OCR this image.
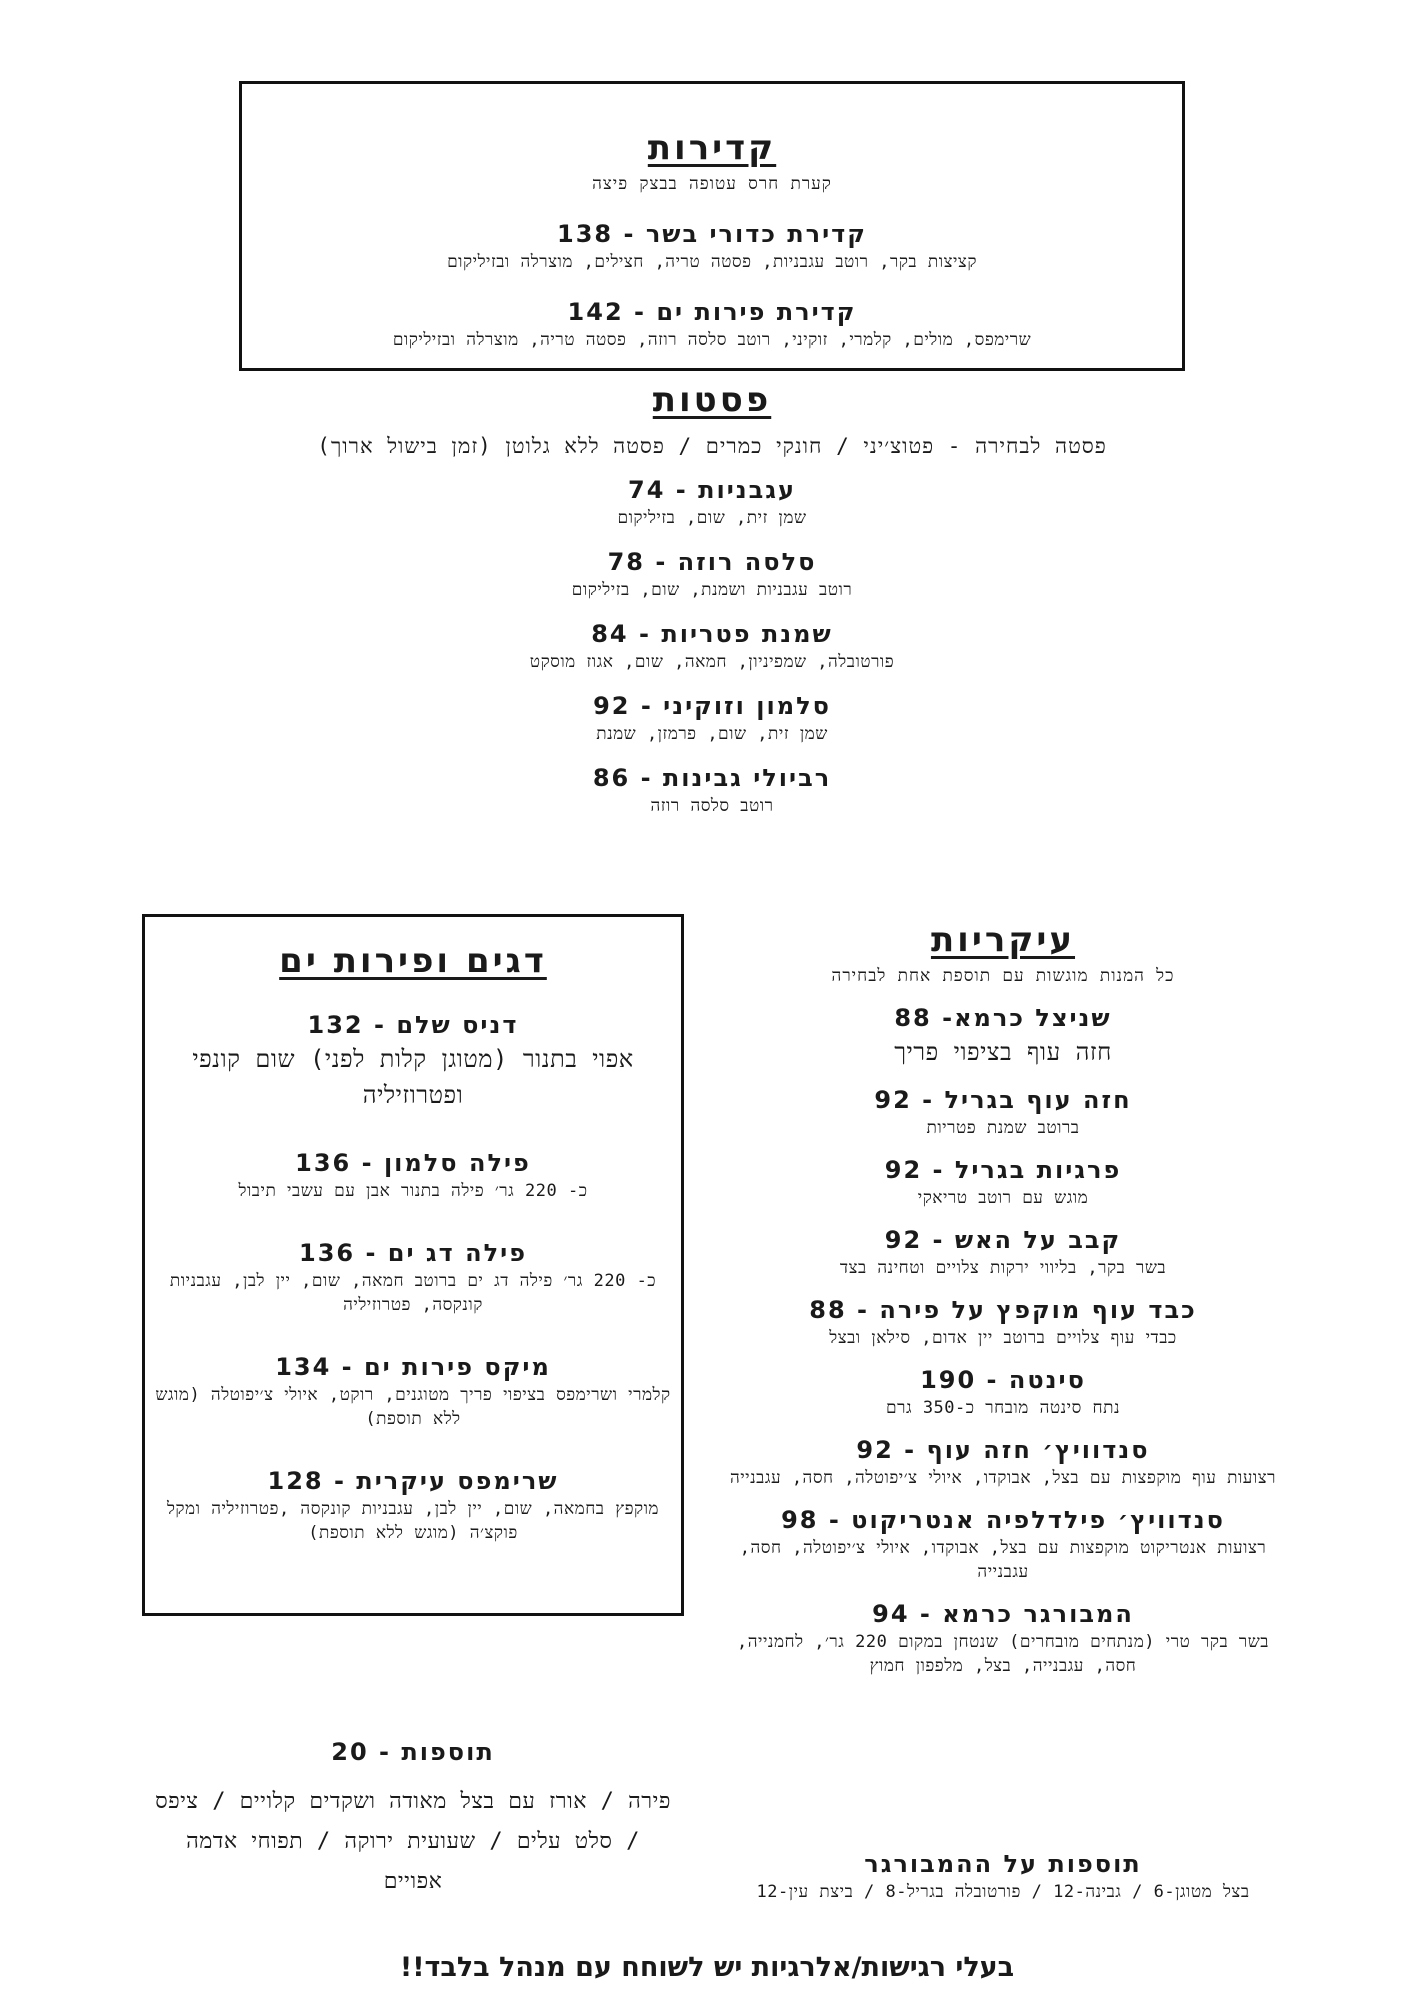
קדירות
קערת חרס עטופה בבצק פיצה
קדירת כדורי בשר - 138
קציצות בקר, רוטב עגבניות, פסטה טריה, חצילים, מוצרלה ובזיליקום
קדירת פירות ים - 142
שרימפס, מולים, קלמרי, זוקיני, רוטב סלסה רוזה, פסטה טריה, מוצרלה ובזיליקום
פסטות
פסטה לבחירה - פטוצ׳יני / חונקי כמרים / פסטה ללא גלוטן (זמן בישול ארוך)
עגבניות - 74
שמן זית, שום, בזיליקום
סלסה רוזה - 78
רוטב עגבניות ושמנת, שום, בזיליקום
שמנת פטריות - 84
פורטובלה, שמפיניון, חמאה, שום, אגוז מוסקט
סלמון וזוקיני - 92
שמן זית, שום, פרמזן, שמנת
רביולי גבינות - 86
רוטב סלסה רוזה
עיקריות
כל המנות מוגשות עם תוספת אחת לבחירה
שניצל כרמא- 88
חזה עוף בציפוי פריך
חזה עוף בגריל - 92
ברוטב שמנת פטריות
פרגיות בגריל - 92
מוגש עם רוטב טריאקי
קבב על האש - 92
בשר בקר, בליווי ירקות צלויים וטחינה בצד
כבד עוף מוקפץ על פירה - 88
כבדי עוף צלויים ברוטב יין אדום, סילאן ובצל
סינטה - 190
נתח סינטה מובחר כ-350 גרם
סנדוויץ׳ חזה עוף - 92
רצועות עוף מוקפצות עם בצל, אבוקדו, איולי צ׳יפוטלה, חסה, עגבנייה
סנדוויץ׳ פילדלפיה אנטריקוט - 98
רצועות אנטריקוט מוקפצות עם בצל, אבוקדו, איולי צ׳יפוטלה, חסה, עגבנייה
המבורגר כרמא - 94
בשר בקר טרי (מנתחים מובחרים) שנטחן במקום 220 גר׳, לחמנייה, חסה, עגבנייה, בצל, מלפפון חמוץ
דגים ופירות ים
דניס שלם - 132
אפוי בתנור (מטוגן קלות לפני) שום קונפי ופטרוזיליה
פילה סלמון - 136
כ- 220 גר׳ פילה בתנור אבן עם עשבי תיבול
פילה דג ים - 136
כ- 220 גר׳ פילה דג ים ברוטב חמאה, שום, יין לבן, עגבניות קונקסה, פטרוזיליה
מיקס פירות ים - 134
קלמרי ושרימפס בציפוי פריך מטוגנים, רוקט, איולי צ׳יפוטלה (מוגש ללא תוספת)
שרימפס עיקרית - 128
מוקפץ בחמאה, שום, יין לבן, עגבניות קונקסה ,פטרוזיליה ומקל פוקצ׳ה (מוגש ללא תוספת)
תוספות על ההמבורגר
בצל מטוגן-6 / גבינה-12 / פורטובלה בגריל-8 / ביצת עין-12
תוספות - 20
פירה / אורז עם בצל מאודה ושקדים קלויים / ציפס / סלט עלים / שעועית ירוקה / תפוחי אדמה אפויים
בעלי רגישות/אלרגיות יש לשוחח עם מנהל בלבד!!
